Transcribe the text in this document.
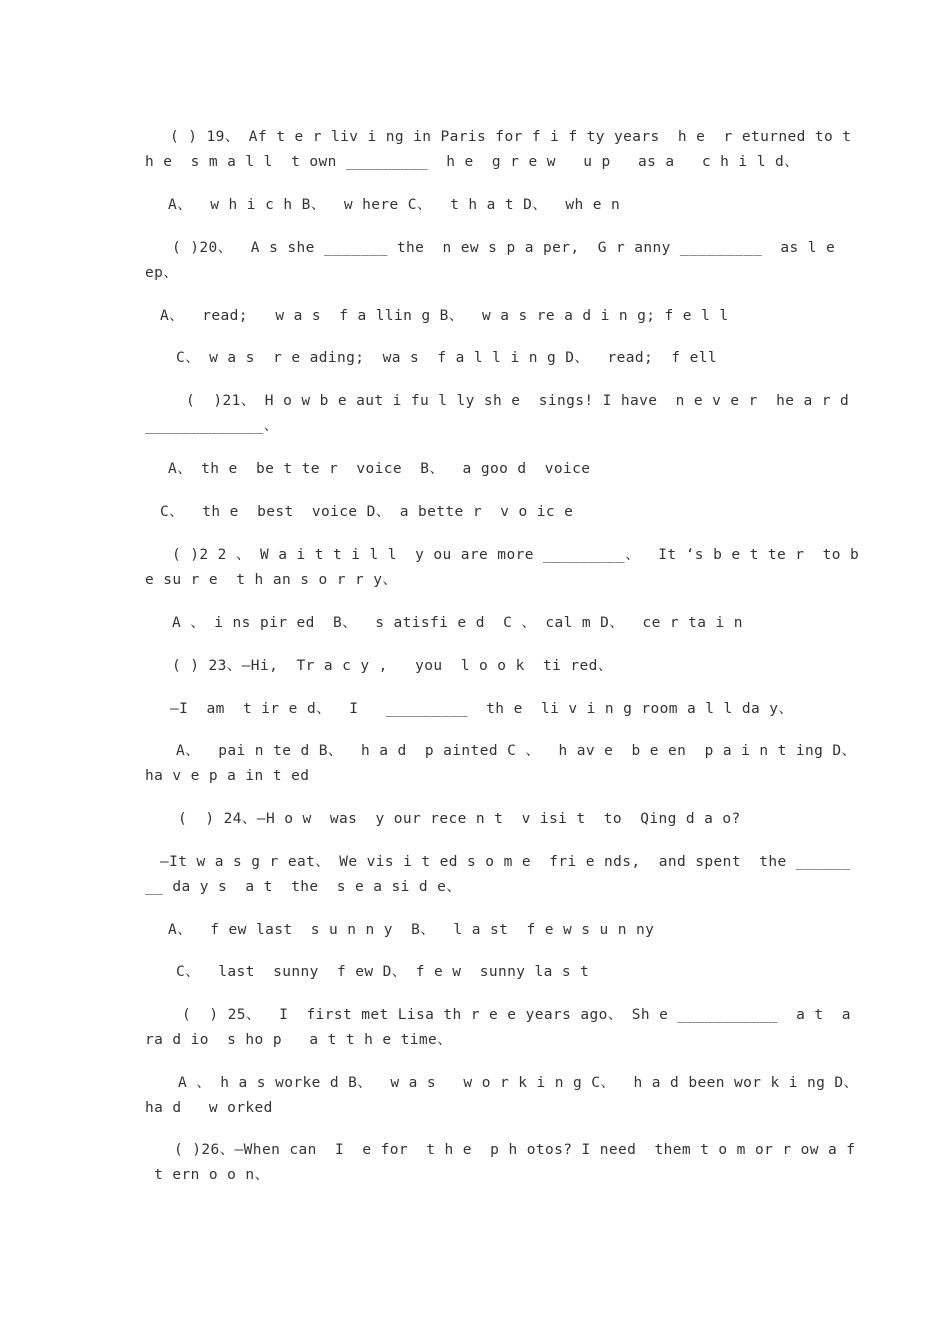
( ) 19、 Af t e r liv i ng in Paris for f i f ty years  h e  r eturned to t
h e  s m a l l  t own _________  h e  g r e w   u p   as a   c h i l d、
A、  w h i c h B、  w here C、  t h a t D、  wh e n
( )20、  A s she _______ the  n ew s p a per,  G r anny _________  as l e
ep、
A、  read;   w a s  f a llin g B、  w a s re a d i n g; f e l l
C、 w a s  r e ading;  wa s  f a l l i n g D、  read;  f ell
(  )21、 H o w b e aut i fu l ly sh e  sings! I have  n e v e r  he a r d
_____________、
A、 th e  be t te r  voice  B、  a goo d  voice
C、  th e  best  voice D、 a bette r  v o ic e
( )2 2 、 W a i t t i l l  y ou are more _________、  It ‘s b e t te r  to b
e su r e  t h an s o r r y、
A 、 i ns pir ed  B、  s atisfi e d  C 、 cal m D、  ce r ta i n
( ) 23、—Hi,  Tr a c y ,   you  l o o k  ti red、
—I  am  t ir e d、  I   _________  th e  li v i n g room a l l da y、
A、  pai n te d B、  h a d  p ainted C 、  h av e  b e en  p a i n t ing D、
ha v e p a in t ed
(  ) 24、—H o w  was  y our rece n t  v isi t  to  Qing d a o?
—It w a s g r eat、 We vis i t ed s o m e  fri e nds,  and spent  the ______
__ da y s  a t  the  s e a si d e、
A、  f ew last  s u n n y  B、  l a st  f e w s u n ny
C、  last  sunny  f ew D、 f e w  sunny la s t
(  ) 25、  I  first met Lisa th r e e years ago、 Sh e ___________  a t  a
ra d io  s ho p   a t t h e time、
A 、 h a s worke d B、  w a s   w o r k i n g C、  h a d been wor k i ng D、
ha d   w orked
( )26、—When can  I  e for  t h e  p h otos? I need  them t o m or r ow a f
t ern o o n、
